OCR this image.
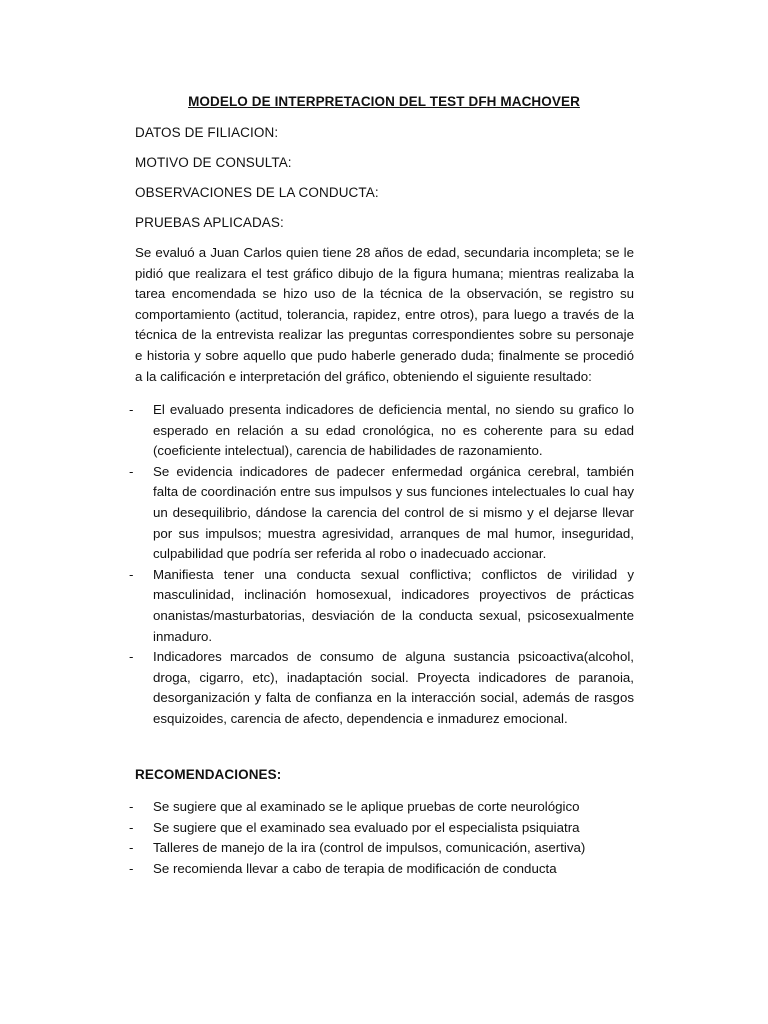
MODELO DE INTERPRETACION DEL TEST DFH MACHOVER
DATOS DE FILIACION:
MOTIVO DE CONSULTA:
OBSERVACIONES DE LA CONDUCTA:
PRUEBAS APLICADAS:
Se evaluó a Juan Carlos quien tiene 28 años de edad, secundaria incompleta; se le pidió que realizara el test gráfico dibujo de la figura humana; mientras realizaba la tarea encomendada se hizo uso de la técnica de la observación, se registro su comportamiento (actitud, tolerancia, rapidez, entre otros), para luego a través de la técnica de la entrevista realizar las preguntas correspondientes sobre su personaje e historia y sobre aquello que pudo haberle generado duda; finalmente se procedió a la calificación e interpretación del gráfico, obteniendo el siguiente resultado:
- El evaluado presenta indicadores de deficiencia mental, no siendo su grafico lo esperado en relación a su edad cronológica, no es coherente para su edad (coeficiente intelectual), carencia de habilidades de razonamiento.
- Se evidencia indicadores de padecer enfermedad orgánica cerebral, también falta de coordinación entre sus impulsos y sus funciones intelectuales lo cual hay un desequilibrio, dándose la carencia del control de si mismo y el dejarse llevar por sus impulsos; muestra agresividad, arranques de mal humor, inseguridad, culpabilidad que podría ser referida al robo o inadecuado accionar.
- Manifiesta tener una conducta sexual conflictiva; conflictos de virilidad y masculinidad, inclinación homosexual, indicadores proyectivos de prácticas onanistas/masturbatorias, desviación de la conducta sexual, psicosexualmente inmaduro.
- Indicadores marcados de consumo de alguna sustancia psicoactiva(alcohol, droga, cigarro, etc), inadaptación social. Proyecta indicadores de paranoia, desorganización y falta de confianza en la interacción social, además de rasgos esquizoides, carencia de afecto, dependencia e inmadurez emocional.
RECOMENDACIONES:
- Se sugiere que al examinado se le aplique pruebas de corte neurológico
- Se sugiere que el examinado sea evaluado por el especialista psiquiatra
- Talleres de manejo de la ira (control de impulsos, comunicación, asertiva)
- Se recomienda llevar a cabo de terapia de modificación de conducta
